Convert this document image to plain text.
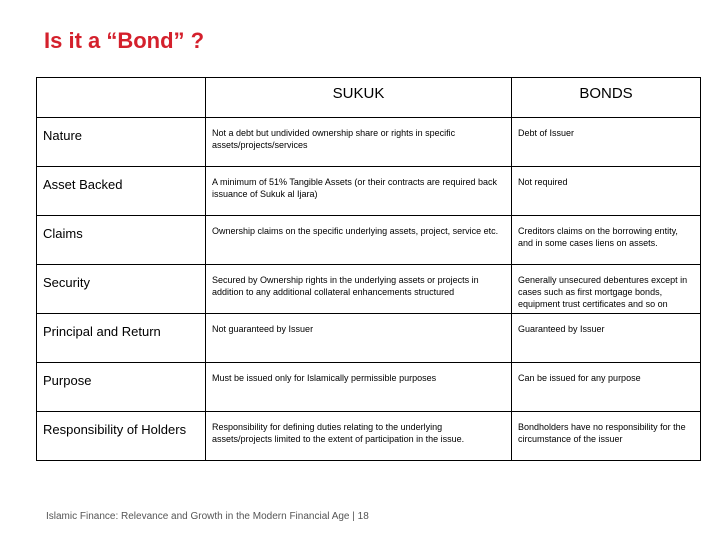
Is it a “Bond” ?
	SUKUK	BONDS
Nature	Not a debt but undivided ownership share or rights in specific assets/projects/services	Debt of Issuer
Asset Backed	A minimum of 51% Tangible Assets (or their contracts are required back issuance of Sukuk al Ijara)	Not required
Claims	Ownership claims on the specific underlying assets, project, service etc.	Creditors claims on the borrowing entity, and in some cases liens on assets.
Security	Secured by Ownership rights in the underlying assets or projects in addition to any additional collateral enhancements structured	Generally unsecured debentures except in cases such as first mortgage bonds, equipment trust certificates and so on
Principal and Return	Not guaranteed by Issuer	Guaranteed by Issuer
Purpose	Must be issued only for Islamically permissible purposes	Can be issued for any purpose
Responsibility of Holders	Responsibility for defining duties relating to the underlying assets/projects limited to the extent of participation in the issue.	Bondholders have no responsibility for the circumstance of the issuer
Islamic Finance: Relevance and Growth in the Modern Financial Age | 18
